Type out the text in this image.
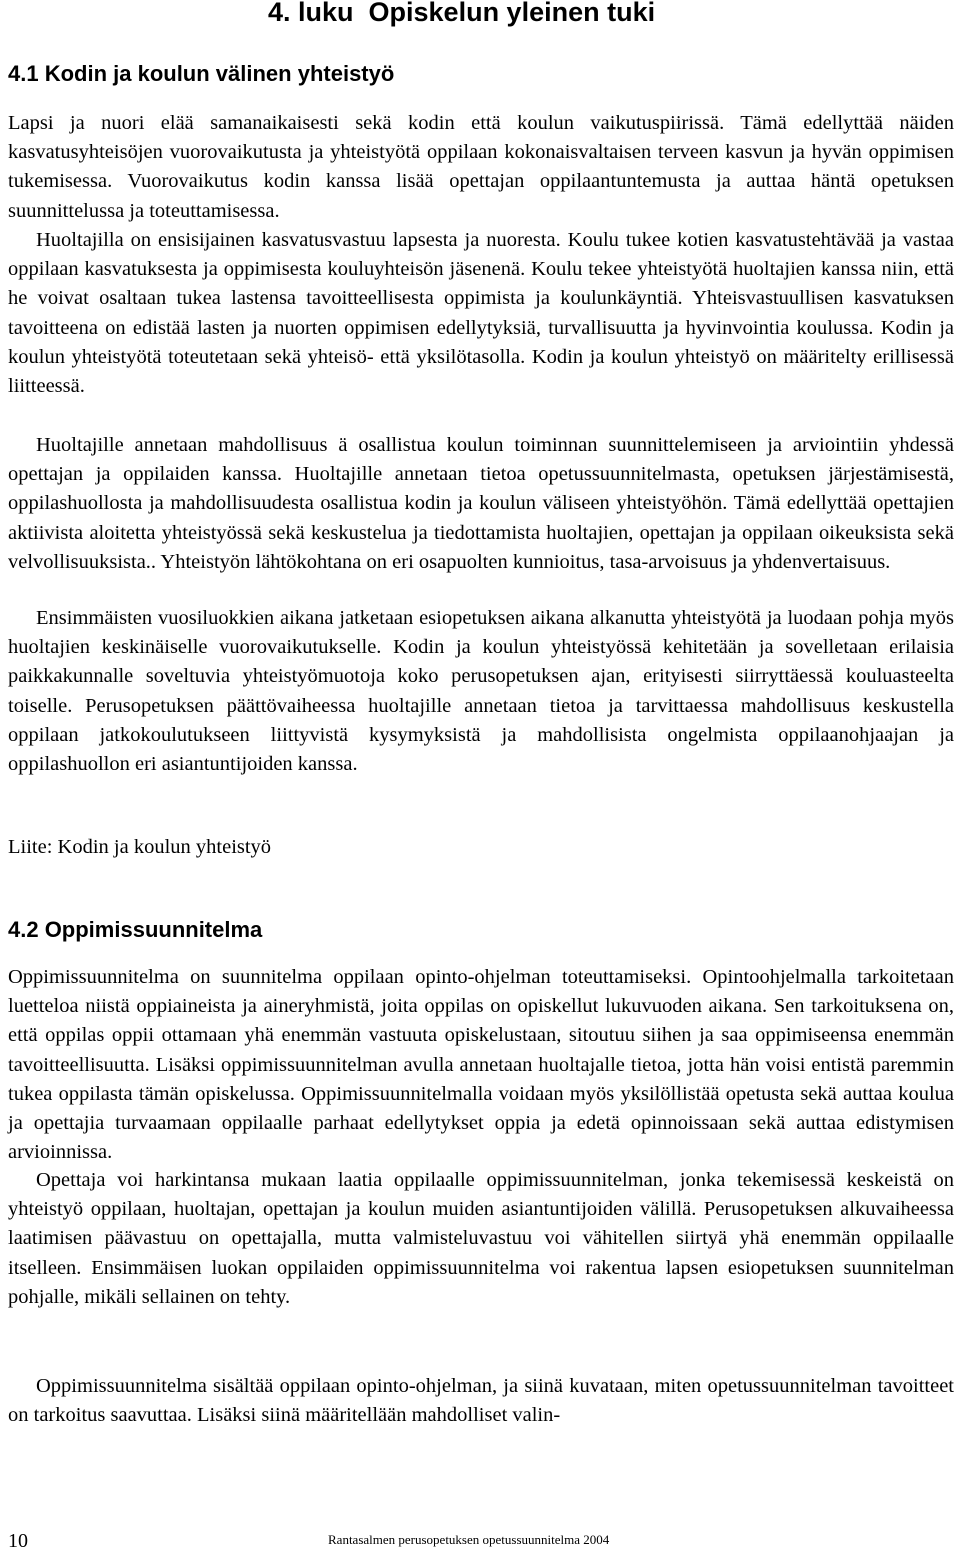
4. luku  Opiskelun yleinen tuki
4.1 Kodin ja koulun välinen yhteistyö

Lapsi ja nuori elää samanaikaisesti sekä kodin että koulun vaikutuspiirissä. Tämä edellyttää näiden kasvatusyhteisöjen vuorovaikutusta ja yhteistyötä oppilaan kokonaisvaltaisen terveen kasvun ja hyvän oppimisen tukemisessa. Vuorovaikutus kodin kanssa lisää opettajan oppilaantuntemusta ja auttaa häntä opetuksen suunnittelussa ja toteuttamisessa.

Huoltajilla on ensisijainen kasvatusvastuu lapsesta ja nuoresta. Koulu tukee kotien kasvatustehtävää ja vastaa oppilaan kasvatuksesta ja oppimisesta kouluyhteisön jäsenenä. Koulu tekee yhteistyötä huoltajien kanssa niin, että he voivat osaltaan tukea lastensa tavoitteellisesta oppimista ja koulunkäyntiä. Yhteisvastuullisen kasvatuksen tavoitteena on edistää lasten ja nuorten oppimisen edellytyksiä, turvallisuutta ja hyvinvointia koulussa. Kodin ja koulun yhteistyötä toteutetaan sekä yhteisö- että yksilötasolla. Kodin ja koulun yhteistyö on määritelty erillisessä liitteessä.

Huoltajille annetaan mahdollisuus ä osallistua koulun toiminnan suunnittelemiseen ja arviointiin yhdessä opettajan ja oppilaiden kanssa. Huoltajille annetaan tietoa opetussuunnitelmasta, opetuksen järjestämisestä, oppilashuollosta ja mahdollisuudesta osallistua kodin ja koulun väliseen yhteistyöhön. Tämä edellyttää opettajien aktiivista aloitetta yhteistyössä sekä keskustelua ja tiedottamista huoltajien, opettajan ja oppilaan oikeuksista sekä velvollisuuksista.. Yhteistyön lähtökohtana on eri osapuolten kunnioitus, tasa-arvoisuus ja yhdenvertaisuus.

Ensimmäisten vuosiluokkien aikana jatketaan esiopetuksen aikana alkanutta yhteistyötä ja luodaan pohja myös huoltajien keskinäiselle vuorovaikutukselle. Kodin ja koulun yhteistyössä kehitetään ja sovelletaan erilaisia paikkakunnalle soveltuvia yhteistyömuotoja koko perusopetuksen ajan, erityisesti siirryttäessä kouluasteelta toiselle. Perusopetuksen päättövaiheessa huoltajille annetaan tietoa ja tarvittaessa mahdollisuus keskustella oppilaan jatkokoulutukseen liittyvistä kysymyksistä ja mahdollisista ongelmista oppilaanohjaajan ja oppilashuollon eri asiantuntijoiden kanssa.

Liite: Kodin ja koulun yhteistyö
4.2 Oppimissuunnitelma

Oppimissuunnitelma on suunnitelma oppilaan opinto-ohjelman toteuttamiseksi. Opintoohjelmalla tarkoitetaan luetteloa niistä oppiaineista ja aineryhmistä, joita oppilas on opiskellut lukuvuoden aikana. Sen tarkoituksena on, että oppilas oppii ottamaan yhä enemmän vastuuta opiskelustaan, sitoutuu siihen ja saa oppimiseensa enemmän tavoitteellisuutta. Lisäksi oppimissuunnitelman avulla annetaan huoltajalle tietoa, jotta hän voisi entistä paremmin tukea oppilasta tämän opiskelussa. Oppimissuunnitelmalla voidaan myös yksilöllistää opetusta sekä auttaa koulua ja opettajia turvaamaan oppilaalle parhaat edellytykset oppia ja edetä opinnoissaan sekä auttaa edistymisen arvioinnissa.

Opettaja voi harkintansa mukaan laatia oppilaalle oppimissuunnitelman, jonka tekemisessä keskeistä on yhteistyö oppilaan, huoltajan, opettajan ja koulun muiden asiantuntijoiden välillä. Perusopetuksen alkuvaiheessa laatimisen päävastuu on opettajalla, mutta valmisteluvastuu voi vähitellen siirtyä yhä enemmän oppilaalle itselleen. Ensimmäisen luokan oppilaiden oppimissuunnitelma voi rakentua lapsen esiopetuksen suunnitelman pohjalle, mikäli sellainen on tehty.

Oppimissuunnitelma sisältää oppilaan opinto-ohjelman, ja siinä kuvataan, miten opetussuunnitelman tavoitteet on tarkoitus saavuttaa. Lisäksi siinä määritellään mahdolliset valin-

10	Rantasalmen perusopetuksen opetussuunnitelma 2004
